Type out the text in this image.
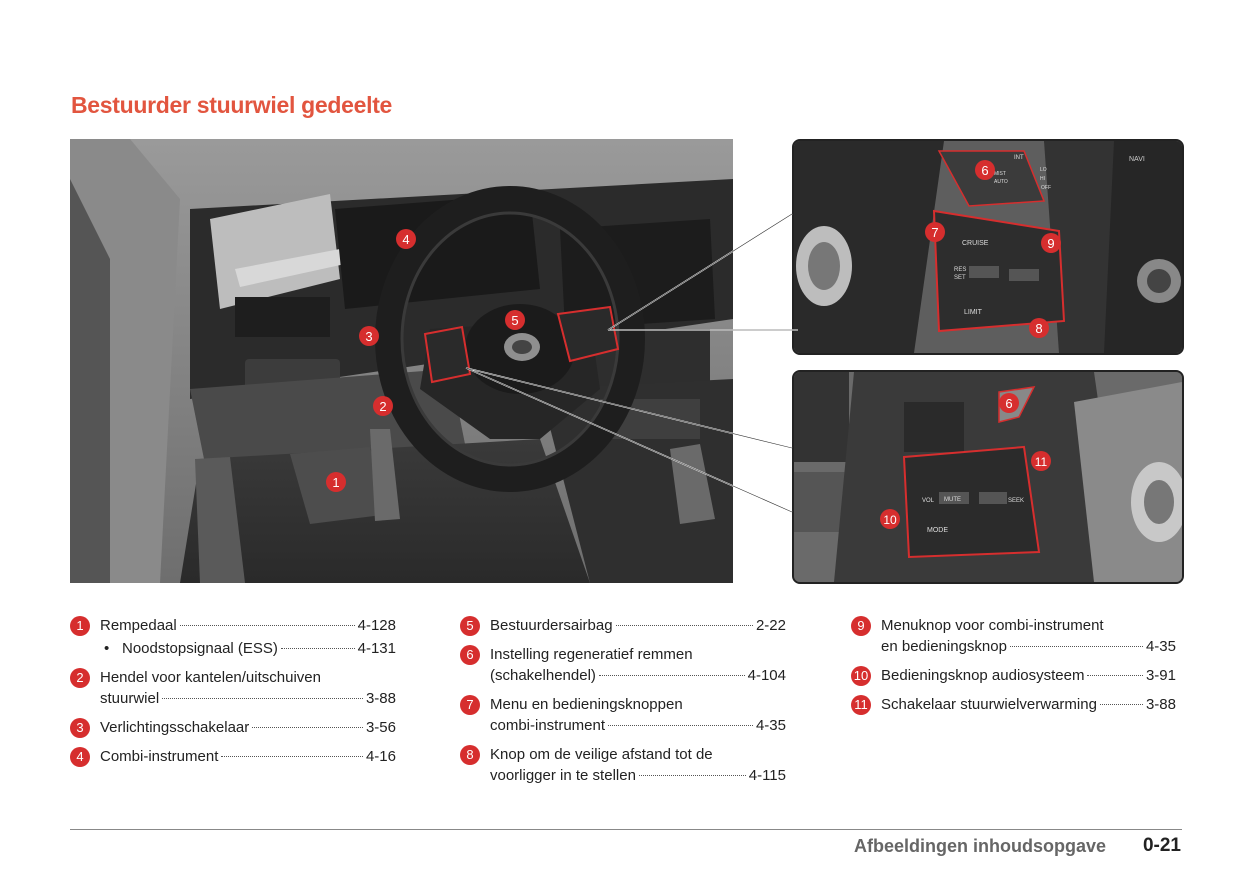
Bestuurder stuurwiel gedeelte
4
5
3
2
1
NAVI
INT
MIST
OFF
AUTO
LO
HI
CRUISE
RES
SET
LIMIT
6
7
9
8
VOL MUTE	SEEK
MODE
6
11
10
1	Rempedaal	4-128
• Noodstopsignaal (ESS)	4-131
2	Hendel voor kantelen/uitschuiven
stuurwiel	3-88
3	Verlichtingsschakelaar	3-56
4	Combi-instrument	4-16
5	Bestuurdersairbag	2-22
6	Instelling regeneratief remmen
(schakelhendel)	4-104
7	Menu en bedieningsknoppen
combi-instrument	4-35
8	Knop om de veilige afstand tot de
voorligger in te stellen	4-115
9	Menuknop voor combi-instrument
en bedieningsknop	4-35
10 Bedieningsknop audiosysteem	3-91
11 Schakelaar stuurwielverwarming	3-88
Afbeeldingen inhoudsopgave 0-21
